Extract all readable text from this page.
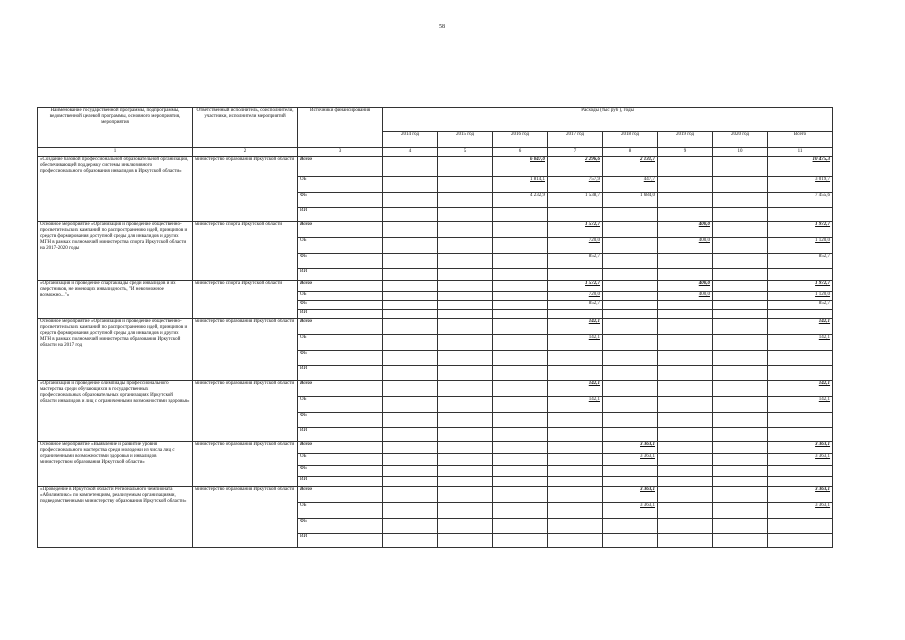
58
Наименование государственной программы, подпрограммы, ведомственной целевой программы, основного мероприятия, мероприятия	Ответственный исполнитель, соисполнители, участники, исполнители мероприятий	Источники финансирования	Расходы (тыс руб ), годы							
			2014 год	2015 год	2016 год	2017 год	2018 год	2019 год	2020 год	Всего
1	2	3	4	5	6	7	8	9	10	11
«Создание базовой профессиональной образовательной организации, обеспечивающей поддержку системы инклюзивного профессионального образования инвалидов в Иркутской области»	министерство образования Иркутской области	Всего			6 047,0	2 296,6	2 131,7			10 475,3
		ОБ			1 814,1	757,9	447,7			3 019,7
		ФБ			4 232,9	1 538,7	1 684,0			7 455,6
		ИИ								
Основное мероприятие «Организация и проведение общественно-просветительских кампаний по распространению идей, принципов и средств формирования доступной среды для инвалидов и других МГН в рамках полномочий министерства спорта Иркутской области на 2017-2020 годы	министерство спорта Иркутской области	Всего				1 572,7		400,0		1 972,7
		ОБ				720,0		400,0		1 120,0
		ФБ				852,7				852,7
		ИИ								
«Организация и проведение спартакиады среди инвалидов и их сверстников, не имеющих инвалидность, "И невозможное возможно..."»	министерство спорта Иркутской области	Всего				1 572,7		400,0		1 972,7
		ОБ				720,0		400,0		1 120,0
		ФБ				852,7				852,7
		ИИ								
Основное мероприятие «Организация и проведение общественно-просветительских кампаний по распространению идей, принципов и средств формирования доступной среды для инвалидов и других МГН в рамках полномочий министерства образования Иркутской области на 2017 год	министерство образования Иркутской области	Всего				142,1				142,1
		ОБ				142,1				142,1
		ФБ								
		ИИ								
«Организация и проведение олимпиады профессионального мастерства среди обучающихся в государственных профессиональных образовательных организациях Иркутской области инвалидов и лиц с ограниченными возможностями здоровья»	министерство образования Иркутской области	Всего				142,1				142,1
		ОБ				142,1				142,1
		ФБ								
		ИИ								
Основное мероприятие «Выявление и развитие уровня профессионального мастерства среди молодежи из числа лиц с ограниченными возможностями здоровья и инвалидов министерством образования Иркутской области»	министерство образования Иркутской области	Всего					3 363,1			3 363,1
		ОБ					3 363,1			3 363,1
		ФБ								
		ИИ								
«Проведение в Иркутской области Регионального чемпионата «Абилимпикс» по компетенциям, реализуемым организациями, подведомственными министерству образования Иркутской области»	министерство образования Иркутской области	Всего					3 363,1			3 363,1
		ОБ					3 363,1			3 363,1
		ФБ								
		ИИ								
